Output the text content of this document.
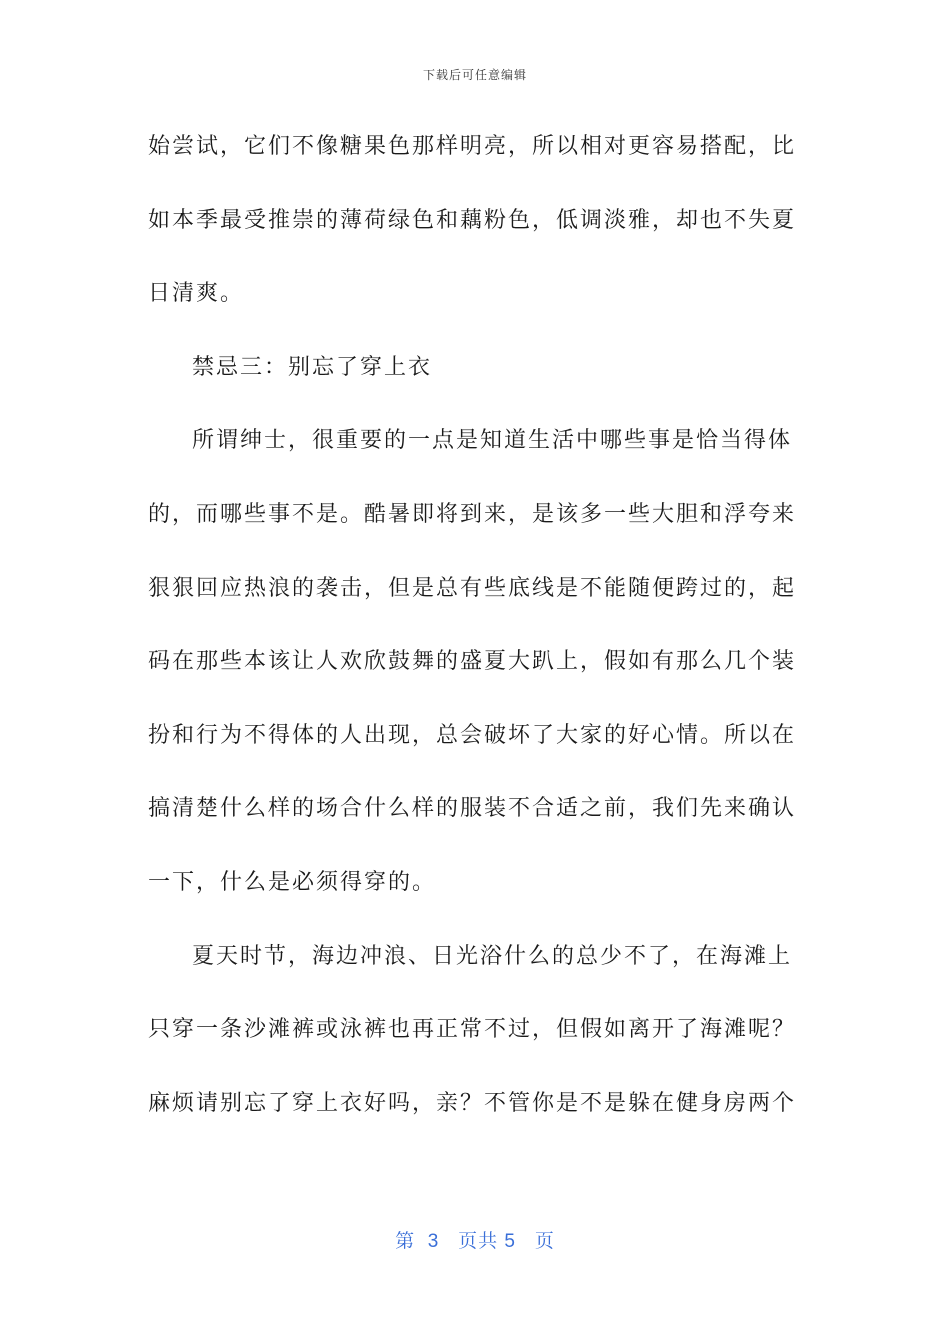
下载后可任意编辑
始尝试，它们不像糖果色那样明亮，所以相对更容易搭配，比
如本季最受推崇的薄荷绿色和藕粉色，低调淡雅，却也不失夏
日清爽。
禁忌三：别忘了穿上衣
所谓绅士，很重要的一点是知道生活中哪些事是恰当得体
的，而哪些事不是。酷暑即将到来，是该多一些大胆和浮夸来
狠狠回应热浪的袭击，但是总有些底线是不能随便跨过的，起
码在那些本该让人欢欣鼓舞的盛夏大趴上，假如有那么几个装
扮和行为不得体的人出现，总会破坏了大家的好心情。所以在
搞清楚什么样的场合什么样的服装不合适之前，我们先来确认
一下，什么是必须得穿的。
夏天时节，海边冲浪、日光浴什么的总少不了，在海滩上
只穿一条沙滩裤或泳裤也再正常不过，但假如离开了海滩呢？
麻烦请别忘了穿上衣好吗，亲？不管你是不是躲在健身房两个
第  3   页共 5   页
